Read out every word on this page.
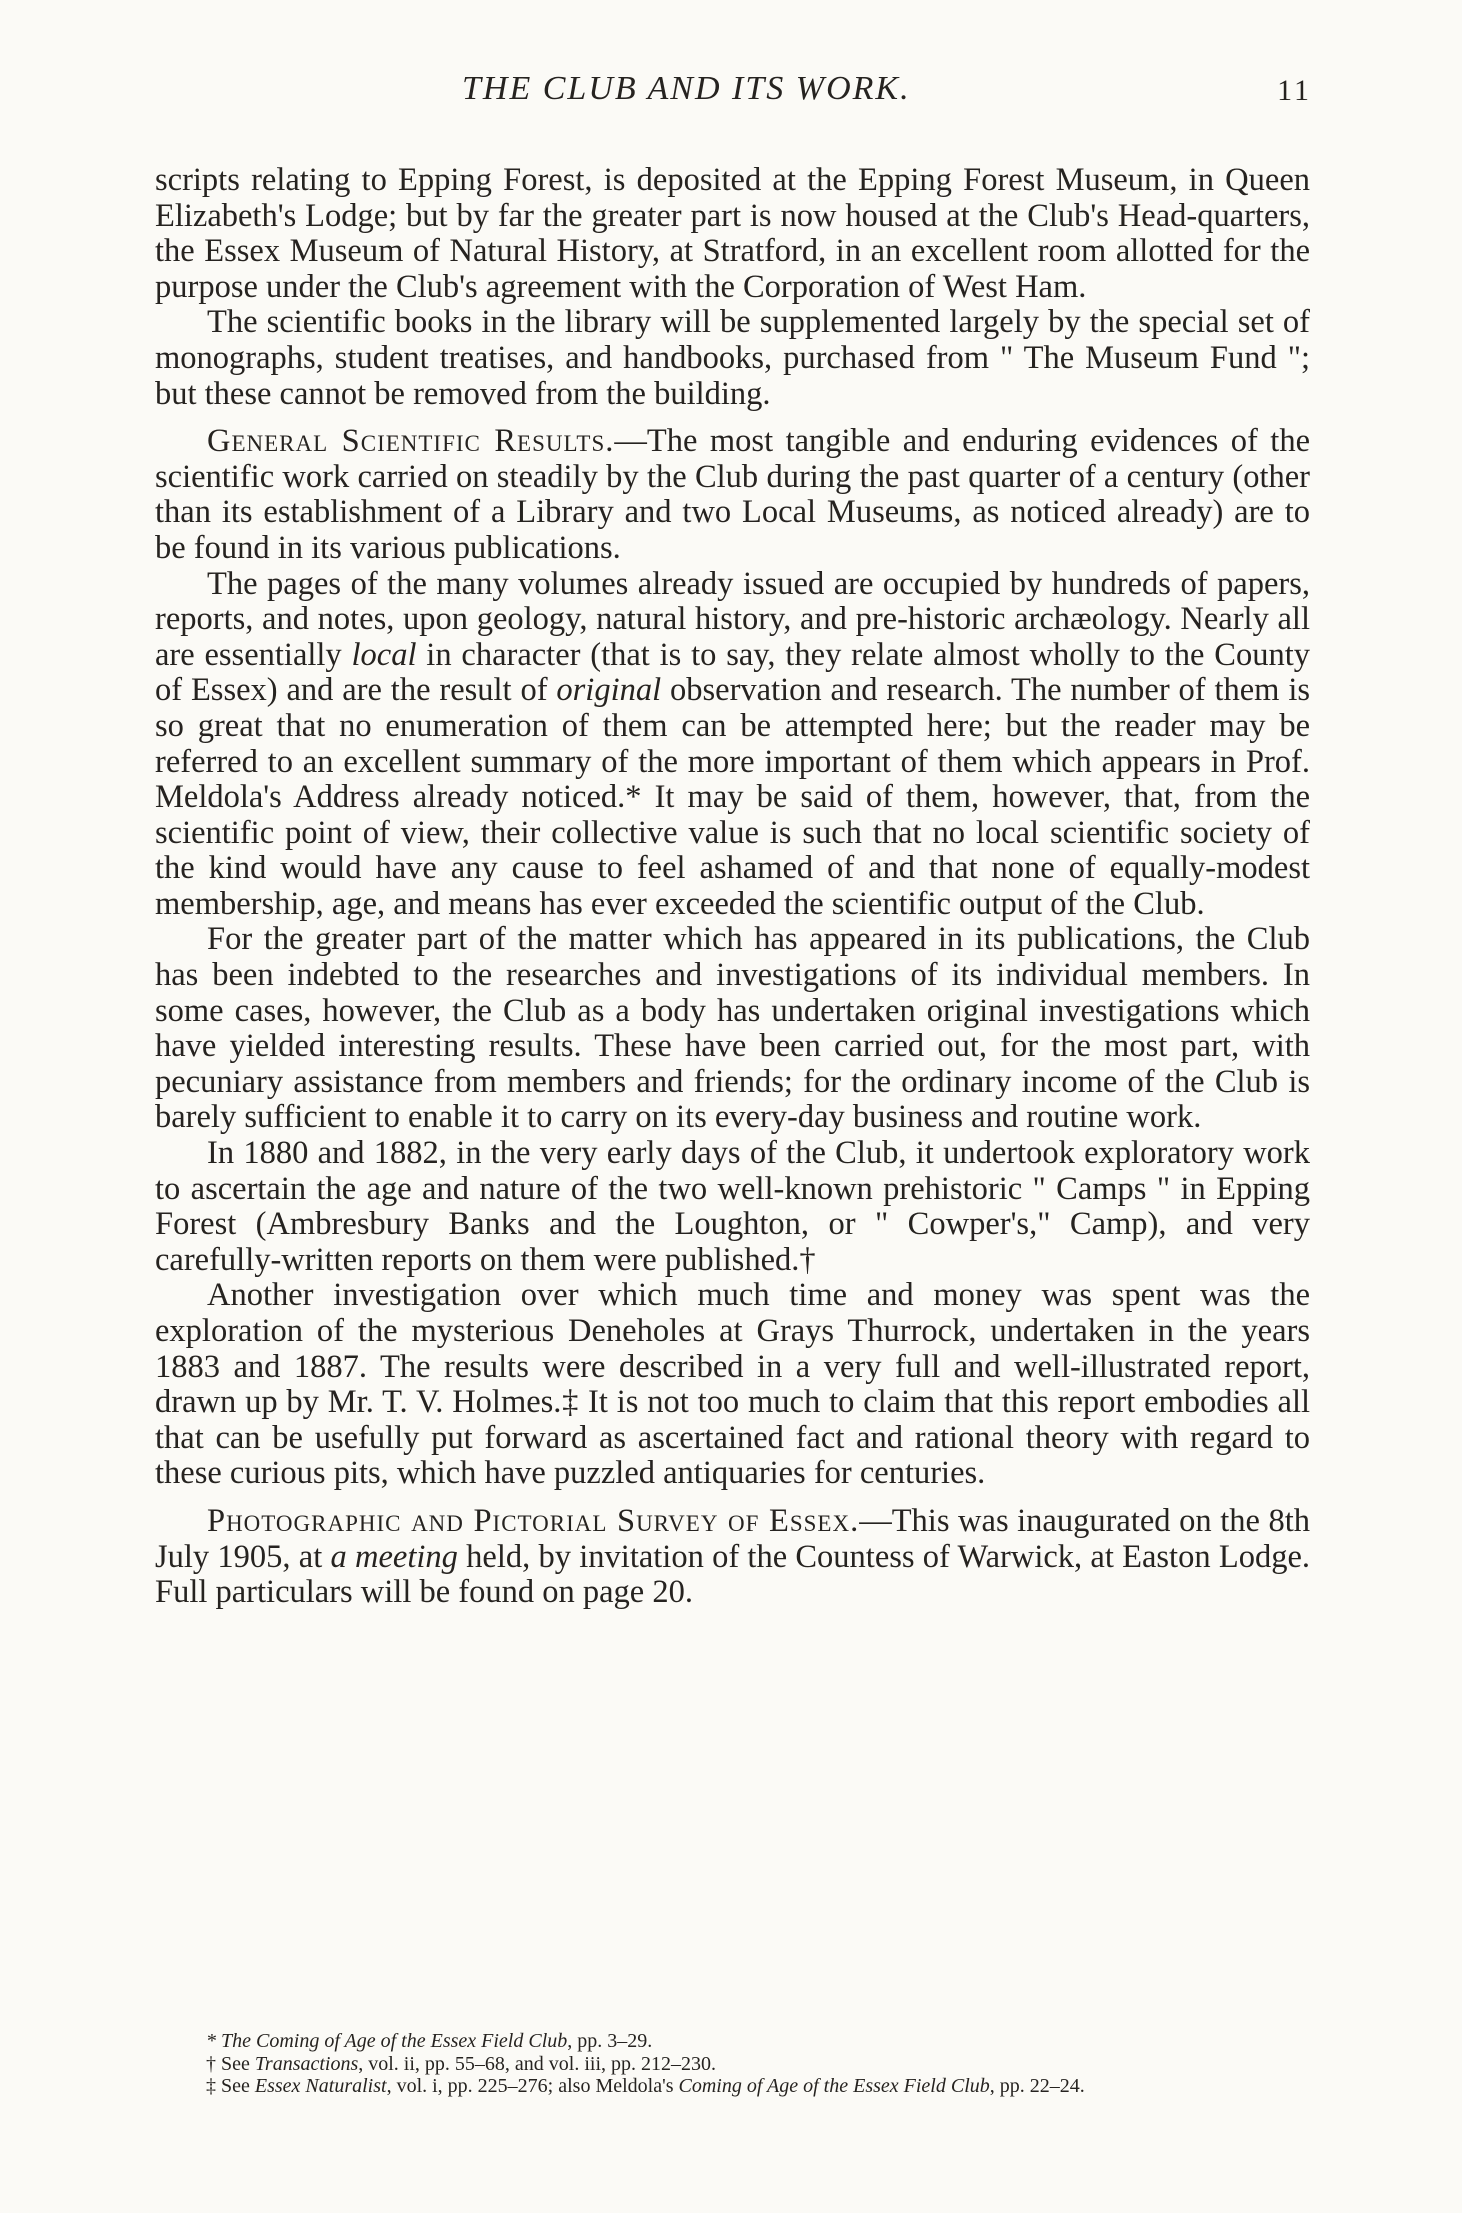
THE CLUB AND ITS WORK.	11

scripts relating to Epping Forest, is deposited at the Epping Forest Museum, in Queen Elizabeth's Lodge; but by far the greater part is now housed at the Club's Head-quarters, the Essex Museum of Natural History, at Stratford, in an excellent room allotted for the purpose under the Club's agreement with the Corporation of West Ham.

The scientific books in the library will be supplemented largely by the special set of monographs, student treatises, and handbooks, purchased from " The Museum Fund "; but these cannot be removed from the building.

General Scientific Results.—The most tangible and enduring evidences of the scientific work carried on steadily by the Club during the past quarter of a century (other than its establishment of a Library and two Local Museums, as noticed already) are to be found in its various publications.

The pages of the many volumes already issued are occupied by hundreds of papers, reports, and notes, upon geology, natural history, and pre-historic archæology. Nearly all are essentially local in character (that is to say, they relate almost wholly to the County of Essex) and are the result of original observation and research. The number of them is so great that no enumeration of them can be attempted here; but the reader may be referred to an excellent summary of the more important of them which appears in Prof. Meldola's Address already noticed.* It may be said of them, however, that, from the scientific point of view, their collective value is such that no local scientific society of the kind would have any cause to feel ashamed of and that none of equally-modest membership, age, and means has ever exceeded the scientific output of the Club.

For the greater part of the matter which has appeared in its publications, the Club has been indebted to the researches and investigations of its individual members. In some cases, however, the Club as a body has undertaken original investigations which have yielded interesting results. These have been carried out, for the most part, with pecuniary assistance from members and friends; for the ordinary income of the Club is barely sufficient to enable it to carry on its every-day business and routine work.

In 1880 and 1882, in the very early days of the Club, it undertook exploratory work to ascertain the age and nature of the two well-known prehistoric " Camps " in Epping Forest (Ambresbury Banks and the Loughton, or " Cowper's," Camp), and very carefully-written reports on them were published.†

Another investigation over which much time and money was spent was the exploration of the mysterious Deneholes at Grays Thurrock, undertaken in the years 1883 and 1887. The results were described in a very full and well-illustrated report, drawn up by Mr. T. V. Holmes.‡ It is not too much to claim that this report embodies all that can be usefully put forward as ascertained fact and rational theory with regard to these curious pits, which have puzzled antiquaries for centuries.

Photographic and Pictorial Survey of Essex.—This was inaugurated on the 8th July 1905, at a meeting held, by invitation of the Countess of Warwick, at Easton Lodge. Full particulars will be found on page 20.

* The Coming of Age of the Essex Field Club, pp. 3–29.

† See Transactions, vol. ii, pp. 55–68, and vol. iii, pp. 212–230.

‡ See Essex Naturalist, vol. i, pp. 225–276; also Meldola's Coming of Age of the Essex Field Club, pp. 22–24.
